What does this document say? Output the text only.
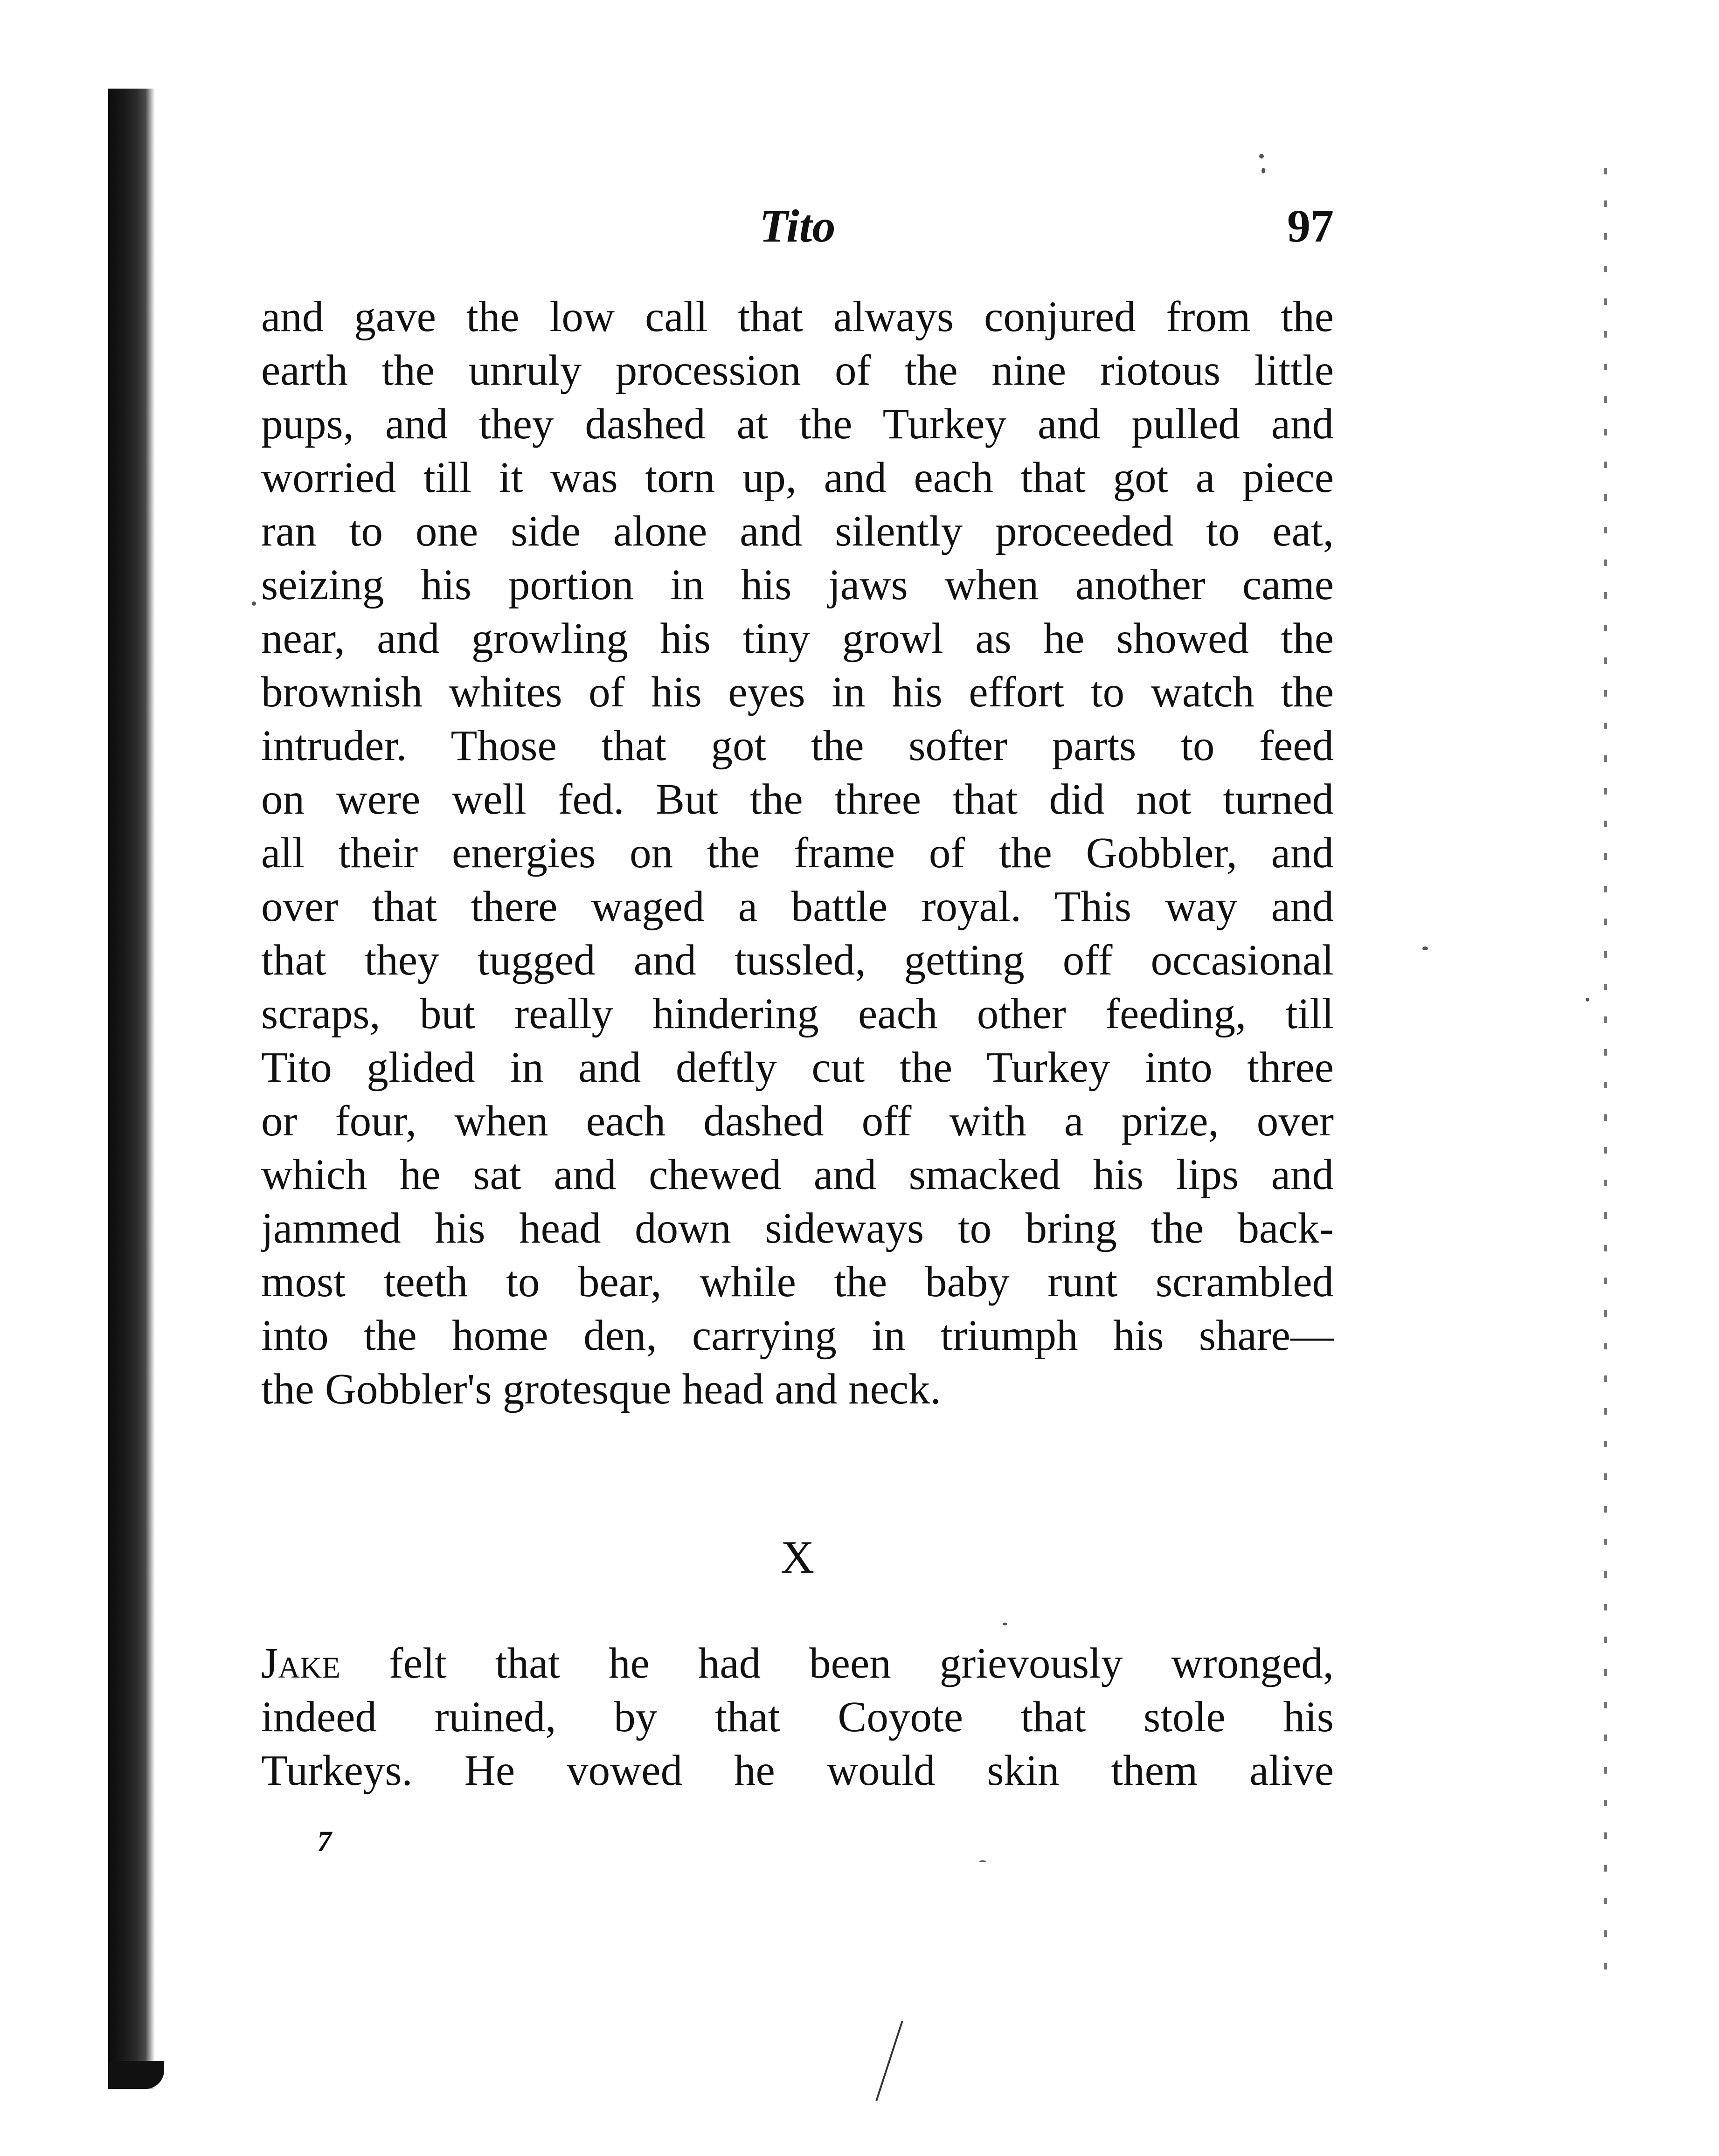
Tito	97
and gave the low call that always conjured from the
earth the unruly procession of the nine riotous little
pups, and they dashed at the Turkey and pulled and
worried till it was torn up, and each that got a piece
ran to one side alone and silently proceeded to eat,
seizing his portion in his jaws when another came
near, and growling his tiny growl as he showed the
brownish whites of his eyes in his effort to watch the
intruder. Those that got the softer parts to feed
on were well fed. But the three that did not turned
all their energies on the frame of the Gobbler, and
over that there waged a battle royal. This way and
that they tugged and tussled, getting off occasional
scraps, but really hindering each other feeding, till
Tito glided in and deftly cut the Turkey into three
or four, when each dashed off with a prize, over
which he sat and chewed and smacked his lips and
jammed his head down sideways to bring the back-
most teeth to bear, while the baby runt scrambled
into the home den, carrying in triumph his share—
the Gobbler's grotesque head and neck.
X
Jake felt that he had been grievously wronged,
indeed ruined, by that Coyote that stole his
Turkeys. He vowed he would skin them alive
7
